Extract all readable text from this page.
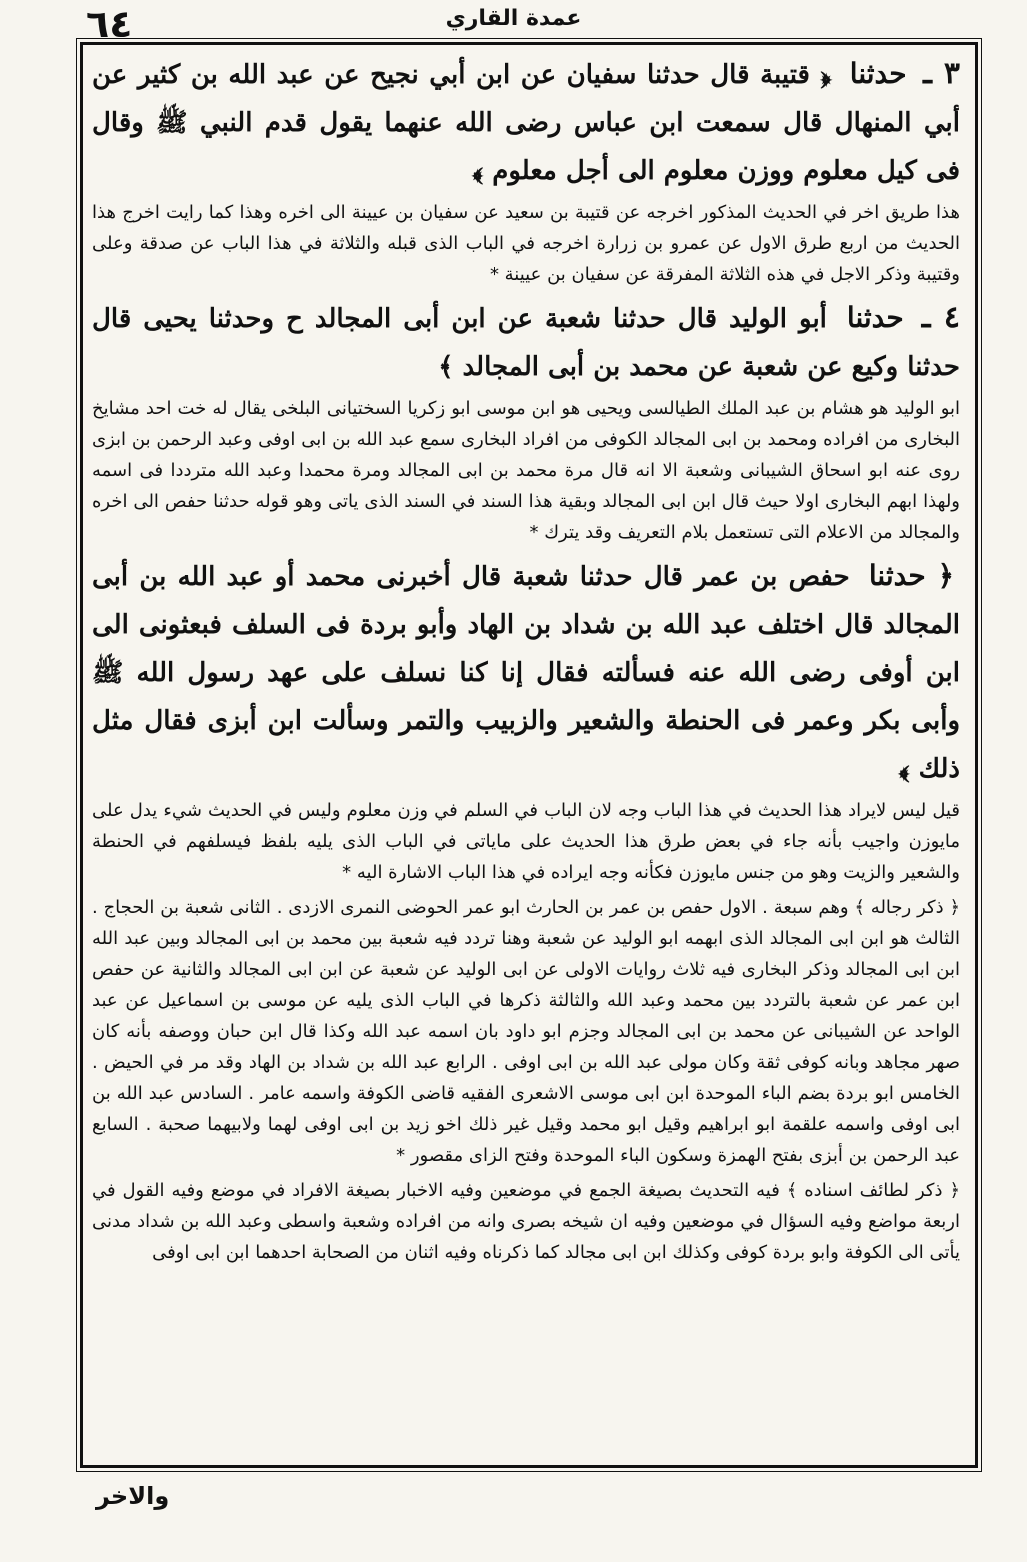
٦٤	عمدة القاري

٣ ـ حدثنا ﴿ قتيبة قال حدثنا سفيان عن ابن أبي نجيح عن عبد الله بن كثير عن أبي المنهال قال سمعت ابن عباس رضى الله عنهما يقول قدم النبي ﷺ وقال فى كيل معلوم ووزن معلوم الى أجل معلوم ﴾

هذا طريق اخر في الحديث المذكور اخرجه عن قتيبة بن سعيد عن سفيان بن عيينة الى اخره وهذا كما رايت اخرج هذا الحديث من اربع طرق الاول عن عمرو بن زرارة اخرجه في الباب الذى قبله والثلاثة في هذا الباب عن صدقة وعلى وقتيبة وذكر الاجل في هذه الثلاثة المفرقة عن سفيان بن عيينة *

٤ ـ حدثنا أبو الوليد قال حدثنا شعبة عن ابن أبى المجالد ح وحدثنا يحيى قال حدثنا وكيع عن شعبة عن محمد بن أبى المجالد ﴾

ابو الوليد هو هشام بن عبد الملك الطيالسى ويحيى هو ابن موسى ابو زكريا السختيانى البلخى يقال له خت احد مشايخ البخارى من افراده ومحمد بن ابى المجالد الكوفى من افراد البخارى سمع عبد الله بن ابى اوفى وعبد الرحمن بن ابزى روى عنه ابو اسحاق الشيبانى وشعبة الا انه قال مرة محمد بن ابى المجالد ومرة محمدا وعبد الله مترددا فى اسمه ولهذا ابهم البخارى اولا حيث قال ابن ابى المجالد وبقية هذا السند في السند الذى ياتى وهو قوله حدثنا حفص الى اخره والمجالد من الاعلام التى تستعمل بلام التعريف وقد يترك *

﴿ حدثنا حفص بن عمر قال حدثنا شعبة قال أخبرنى محمد أو عبد الله بن أبى المجالد قال اختلف عبد الله بن شداد بن الهاد وأبو بردة فى السلف فبعثونى الى ابن أوفى رضى الله عنه فسألته فقال إنا كنا نسلف على عهد رسول الله ﷺ وأبى بكر وعمر فى الحنطة والشعير والزبيب والتمر وسألت ابن أبزى فقال مثل ذلك ﴾

قيل ليس لايراد هذا الحديث في هذا الباب وجه لان الباب في السلم في وزن معلوم وليس في الحديث شيء يدل على مايوزن واجيب بأنه جاء في بعض طرق هذا الحديث على ماياتى في الباب الذى يليه بلفظ فيسلفهم في الحنطة والشعير والزيت وهو من جنس مايوزن فكأنه وجه ايراده في هذا الباب الاشارة اليه *

﴿ ذكر رجاله ﴾ وهم سبعة . الاول حفص بن عمر بن الحارث ابو عمر الحوضى النمرى الازدى . الثانى شعبة بن الحجاج . الثالث هو ابن ابى المجالد الذى ابهمه ابو الوليد عن شعبة وهنا تردد فيه شعبة بين محمد بن ابى المجالد وبين عبد الله ابن ابى المجالد وذكر البخارى فيه ثلاث روايات الاولى عن ابى الوليد عن شعبة عن ابن ابى المجالد والثانية عن حفص ابن عمر عن شعبة بالتردد بين محمد وعبد الله والثالثة ذكرها في الباب الذى يليه عن موسى بن اسماعيل عن عبد الواحد عن الشيبانى عن محمد بن ابى المجالد وجزم ابو داود بان اسمه عبد الله وكذا قال ابن حبان ووصفه بأنه كان صهر مجاهد وبانه كوفى ثقة وكان مولى عبد الله بن ابى اوفى . الرابع عبد الله بن شداد بن الهاد وقد مر في الحيض . الخامس ابو بردة بضم الباء الموحدة ابن ابى موسى الاشعرى الفقيه قاضى الكوفة واسمه عامر . السادس عبد الله بن ابى اوفى واسمه علقمة ابو ابراهيم وقيل ابو محمد وقيل غير ذلك اخو زيد بن ابى اوفى لهما ولابيهما صحبة . السابع عبد الرحمن بن أبزى بفتح الهمزة وسكون الباء الموحدة وفتح الزاى مقصور *

﴿ ذكر لطائف اسناده ﴾ فيه التحديث بصيغة الجمع في موضعين وفيه الاخبار بصيغة الافراد في موضع وفيه القول في اربعة مواضع وفيه السؤال في موضعين وفيه ان شيخه بصرى وانه من افراده وشعبة واسطى وعبد الله بن شداد مدنى يأتى الى الكوفة وابو بردة كوفى وكذلك ابن ابى مجالد كما ذكرناه وفيه اثنان من الصحابة احدهما ابن ابى اوفى

والاخر
